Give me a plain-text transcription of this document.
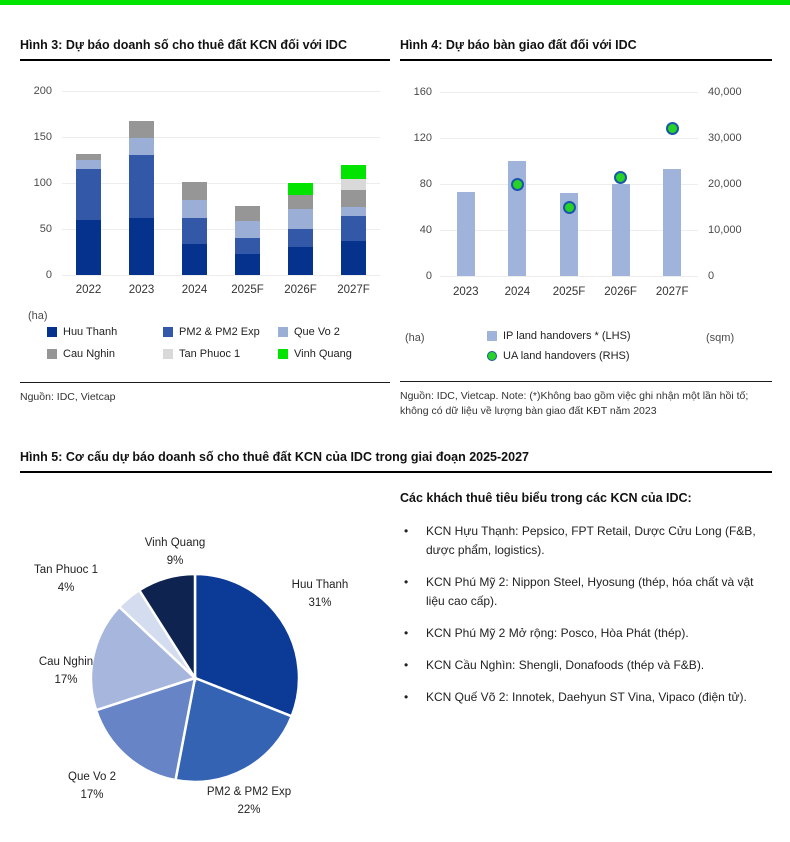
Hình 3: Dự báo doanh số cho thuê đất KCN đối với IDC
0
50
100
150
200
2022	2023	2024	2025F	2026F	2027F
(ha)
Huu Thanh	PM2 & PM2 Exp	Que Vo 2
Cau Nghin	Tan Phuoc 1	Vinh Quang
Nguồn: IDC, Vietcap
Hình 4: Dự báo bàn giao đất đối với IDC
0	0
40	10,000
80	20,000
120	30,000
160	40,000
2023	2024	2025F	2026F	2027F
(ha)	(sqm)
IP land handovers * (LHS)
UA land handovers (RHS)
Nguồn: IDC, Vietcap. Note: (*)Không bao gồm việc ghi nhận một lần hồi tố; không có dữ liệu về lượng bàn giao đất KĐT năm 2023
Hình 5: Cơ cấu dự báo doanh số cho thuê đất KCN của IDC trong giai đoạn 2025-2027
Huu Thanh
31%
PM2 & PM2 Exp
22%
Que Vo 2
17%
Cau Nghin
17%
Tan Phuoc 1
4%
Vinh Quang
9%
Các khách thuê tiêu biểu trong các KCN của IDC:
•	KCN Hựu Thạnh: Pepsico, FPT Retail, Dược Cửu Long (F&B, dược phẩm, logistics).
•	KCN Phú Mỹ 2: Nippon Steel, Hyosung (thép, hóa chất và vật liệu cao cấp).
•	KCN Phú Mỹ 2 Mở rộng: Posco, Hòa Phát (thép).
•	KCN Cầu Nghìn: Shengli, Donafoods (thép và F&B).
•	KCN Quế Võ 2: Innotek, Daehyun ST Vina, Vipaco (điện tử).
